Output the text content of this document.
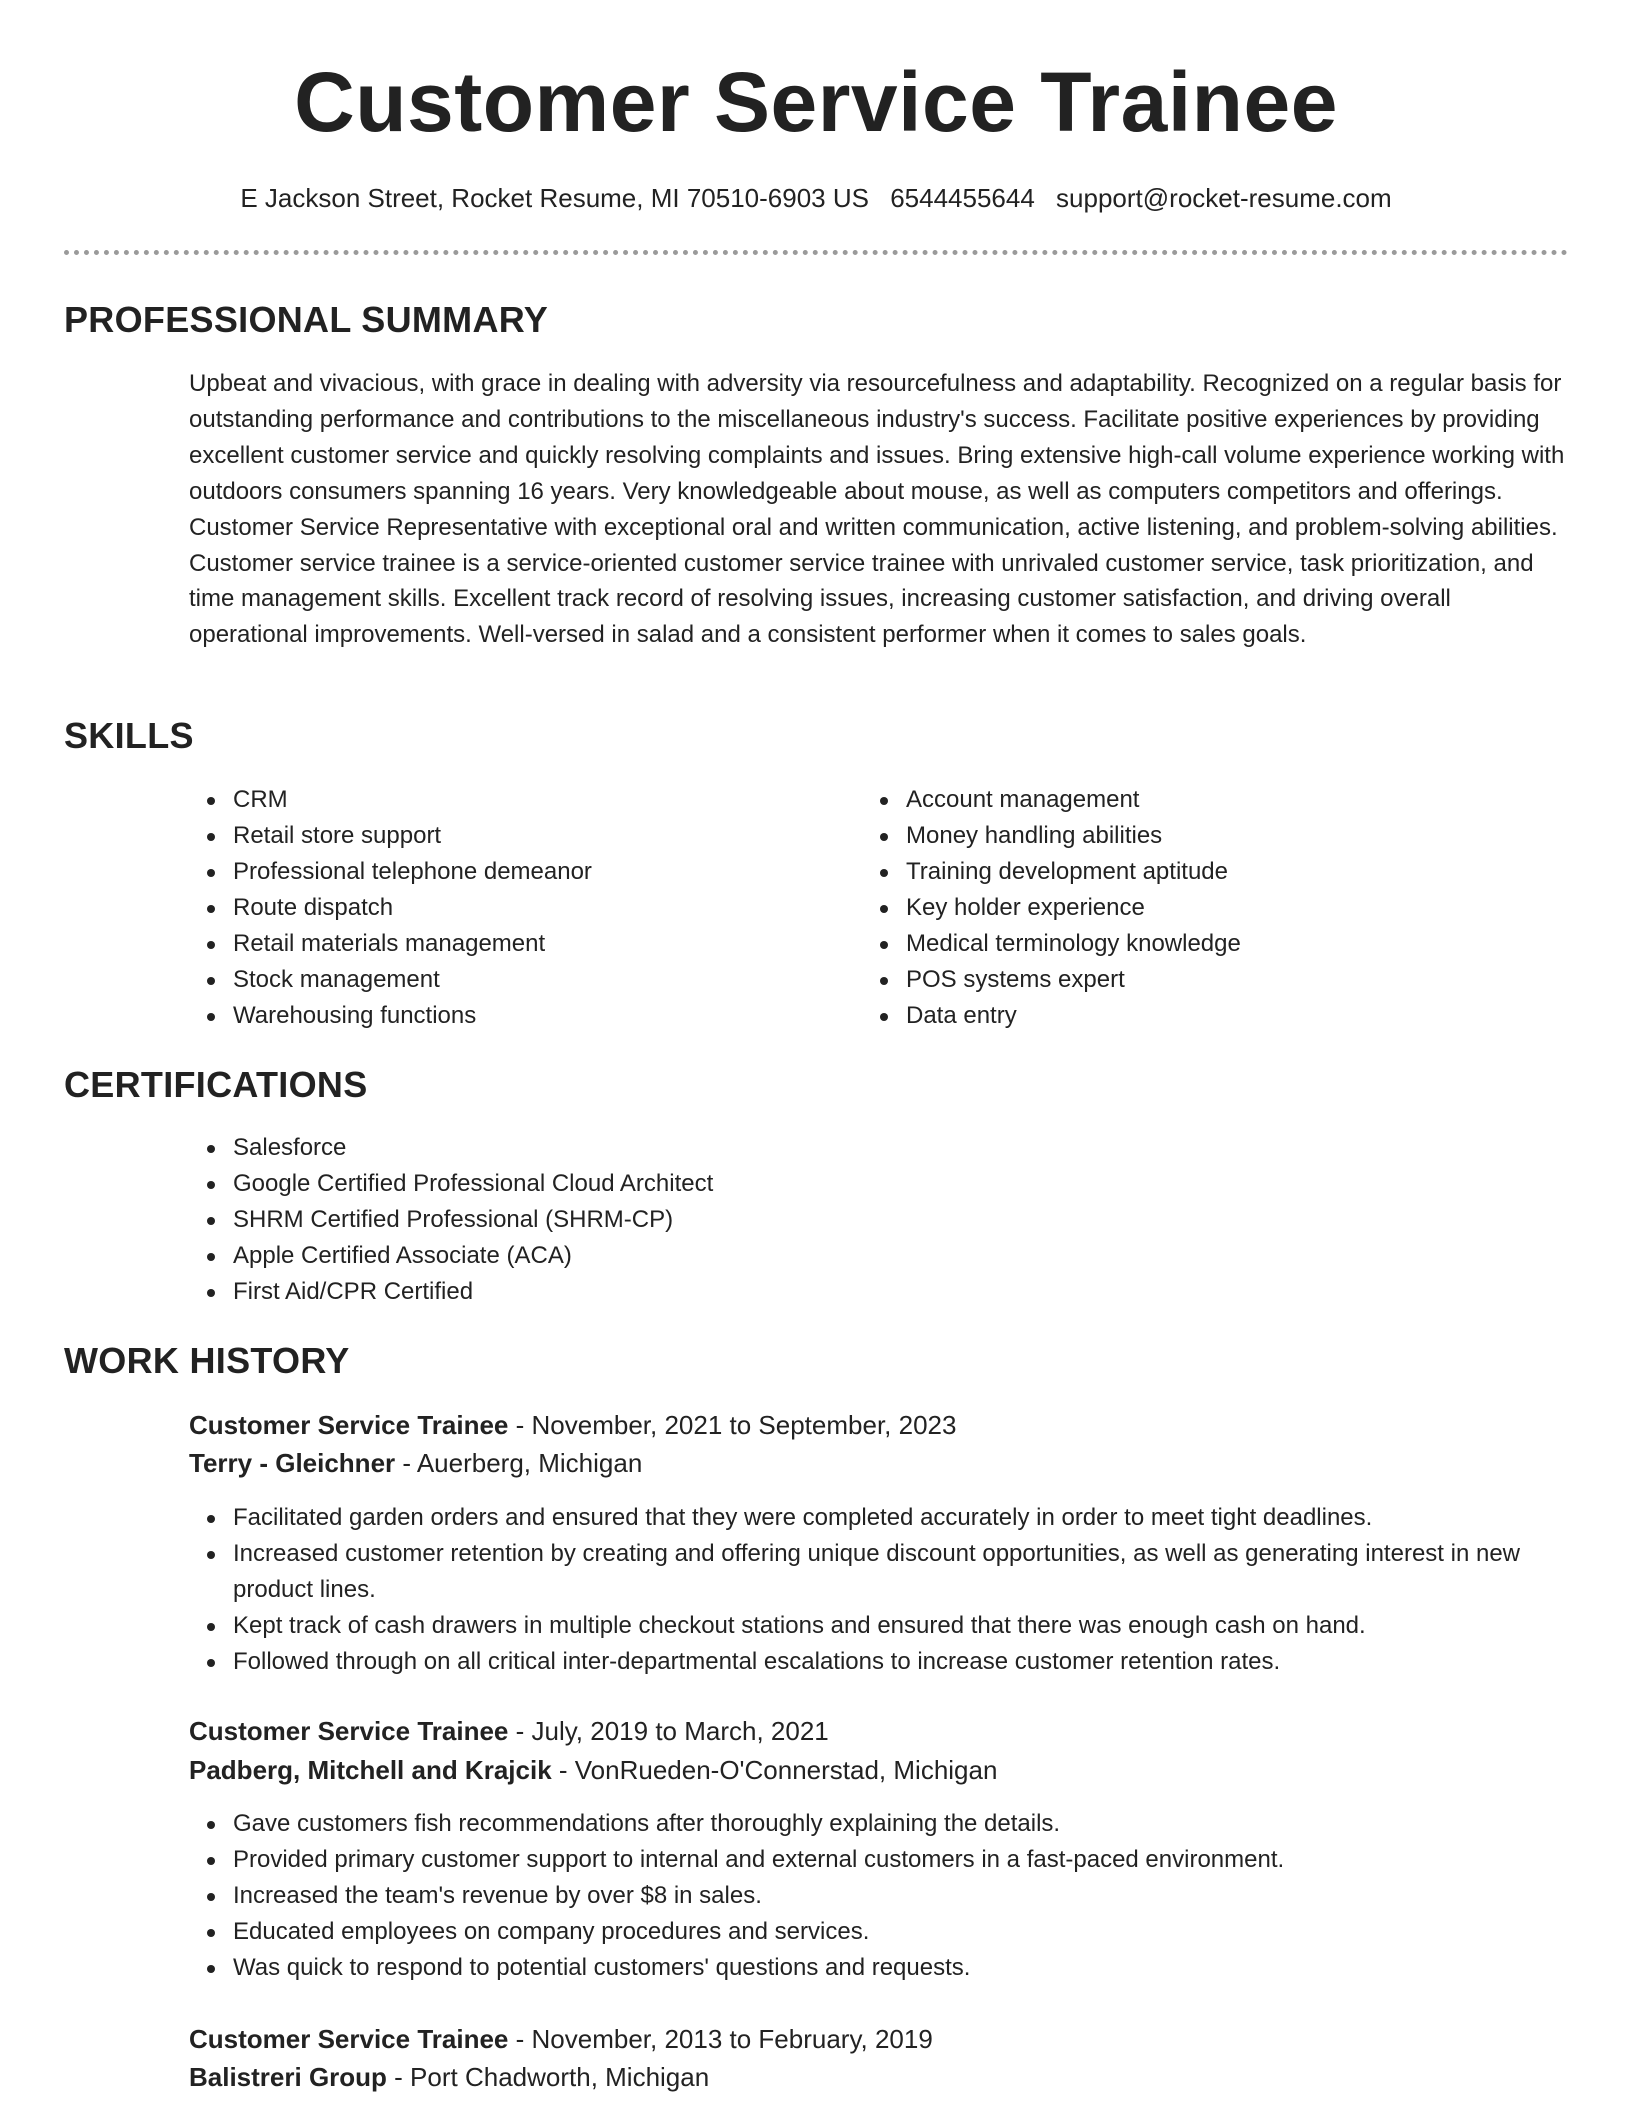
Customer Service Trainee
E Jackson Street, Rocket Resume, MI 70510-6903 US 6544455644 support@rocket-resume.com
PROFESSIONAL SUMMARY

Upbeat and vivacious, with grace in dealing with adversity via resourcefulness and adaptability. Recognized on a regular basis for outstanding performance and contributions to the miscellaneous industry's success. Facilitate positive experiences by providing excellent customer service and quickly resolving complaints and issues. Bring extensive high-call volume experience working with outdoors consumers spanning 16 years. Very knowledgeable about mouse, as well as computers competitors and offerings. Customer Service Representative with exceptional oral and written communication, active listening, and problem-solving abilities. Customer service trainee is a service-oriented customer service trainee with unrivaled customer service, task prioritization, and time management skills. Excellent track record of resolving issues, increasing customer satisfaction, and driving overall operational improvements. Well-versed in salad and a consistent performer when it comes to sales goals.

SKILLS
CRM
Retail store support
Professional telephone demeanor
Route dispatch
Retail materials management
Stock management
Warehousing functions
Account management
Money handling abilities
Training development aptitude
Key holder experience
Medical terminology knowledge
POS systems expert
Data entry
CERTIFICATIONS
Salesforce
Google Certified Professional Cloud Architect
SHRM Certified Professional (SHRM-CP)
Apple Certified Associate (ACA)
First Aid/CPR Certified
WORK HISTORY
Customer Service Trainee - November, 2021 to September, 2023
Terry - Gleichner - Auerberg, Michigan
Facilitated garden orders and ensured that they were completed accurately in order to meet tight deadlines.
Increased customer retention by creating and offering unique discount opportunities, as well as generating interest in new product lines.
Kept track of cash drawers in multiple checkout stations and ensured that there was enough cash on hand.
Followed through on all critical inter-departmental escalations to increase customer retention rates.
Customer Service Trainee - July, 2019 to March, 2021
Padberg, Mitchell and Krajcik - VonRueden-O'Connerstad, Michigan
Gave customers fish recommendations after thoroughly explaining the details.
Provided primary customer support to internal and external customers in a fast-paced environment.
Increased the team's revenue by over $8 in sales.
Educated employees on company procedures and services.
Was quick to respond to potential customers' questions and requests.
Customer Service Trainee - November, 2013 to February, 2019
Balistreri Group - Port Chadworth, Michigan
